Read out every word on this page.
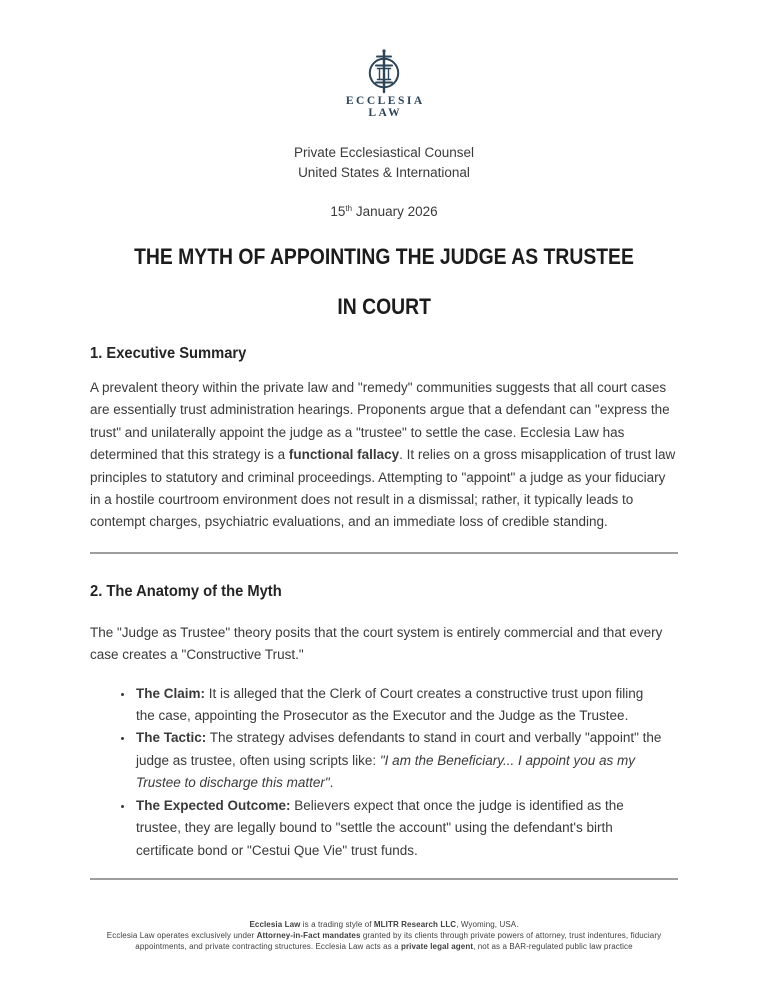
ECCLESIA
LAW
Private Ecclesiastical Counsel
United States & International
15th January 2026
THE MYTH OF APPOINTING THE JUDGE AS TRUSTEE
IN COURT
1. Executive Summary

A prevalent theory within the private law and "remedy" communities suggests that all court cases are essentially trust administration hearings. Proponents argue that a defendant can "express the trust" and unilaterally appoint the judge as a "trustee" to settle the case. Ecclesia Law has determined that this strategy is a functional fallacy. It relies on a gross misapplication of trust law principles to statutory and criminal proceedings. Attempting to "appoint" a judge as your fiduciary in a hostile courtroom environment does not result in a dismissal; rather, it typically leads to contempt charges, psychiatric evaluations, and an immediate loss of credible standing.

2. The Anatomy of the Myth

The "Judge as Trustee" theory posits that the court system is entirely commercial and that every case creates a "Constructive Trust."

• The Claim: It is alleged that the Clerk of Court creates a constructive trust upon filing the case, appointing the Prosecutor as the Executor and the Judge as the Trustee.
• The Tactic: The strategy advises defendants to stand in court and verbally "appoint" the judge as trustee, often using scripts like: "I am the Beneficiary... I appoint you as my Trustee to discharge this matter".
• The Expected Outcome: Believers expect that once the judge is identified as the trustee, they are legally bound to "settle the account" using the defendant's birth certificate bond or "Cestui Que Vie" trust funds.
Ecclesia Law is a trading style of MLITR Research LLC, Wyoming, USA.
Ecclesia Law operates exclusively under Attorney-in-Fact mandates granted by its clients through private powers of attorney, trust indentures, fiduciary appointments, and private contracting structures. Ecclesia Law acts as a private legal agent, not as a BAR-regulated public law practice
